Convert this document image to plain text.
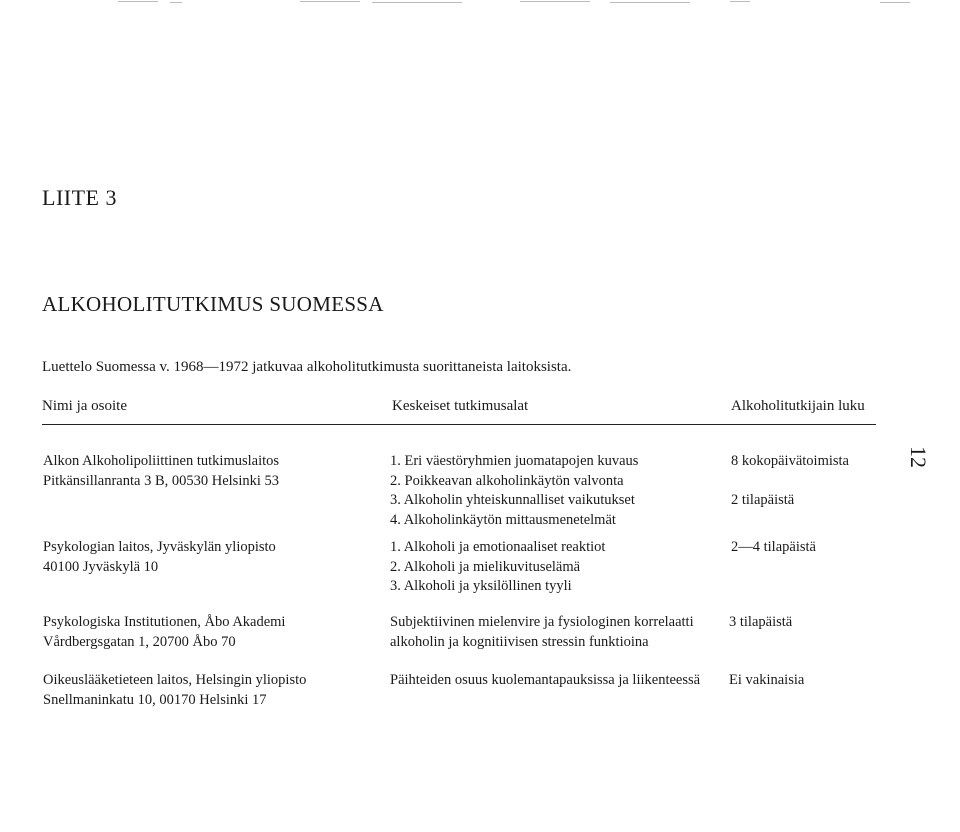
12
LIITE 3
ALKOHOLITUTKIMUS SUOMESSA
Luettelo Suomessa v. 1968—1972 jatkuvaa alkoholitutkimusta suorittaneista laitoksista.
Nimi ja osoite	Keskeiset tutkimusalat	Alkoholitutkijain luku
Alkon Alkoholipoliittinen tutkimuslaitos
Pitkänsillanranta 3 B, 00530 Helsinki 53
1. Eri väestöryhmien juomatapojen kuvaus
2. Poikkeavan alkoholinkäytön valvonta
3. Alkoholin yhteiskunnalliset vaikutukset
4. Alkoholinkäytön mittausmenetelmät
8 kokopäivätoimista

2 tilapäistä
Psykologian laitos, Jyväskylän yliopisto
40100 Jyväskylä 10
1. Alkoholi ja emotionaaliset reaktiot
2. Alkoholi ja mielikuvituselämä
3. Alkoholi ja yksilöllinen tyyli
2—4 tilapäistä
Psykologiska Institutionen, Åbo Akademi
Vårdbergsgatan 1, 20700 Åbo 70
Subjektiivinen mielenvire ja fysiologinen korrelaatti
alkoholin ja kognitiivisen stressin funktioina
3 tilapäistä
Oikeuslääketieteen laitos, Helsingin yliopisto
Snellmaninkatu 10, 00170 Helsinki 17
Päihteiden osuus kuolemantapauksissa ja liikenteessä Ei vakinaisia
